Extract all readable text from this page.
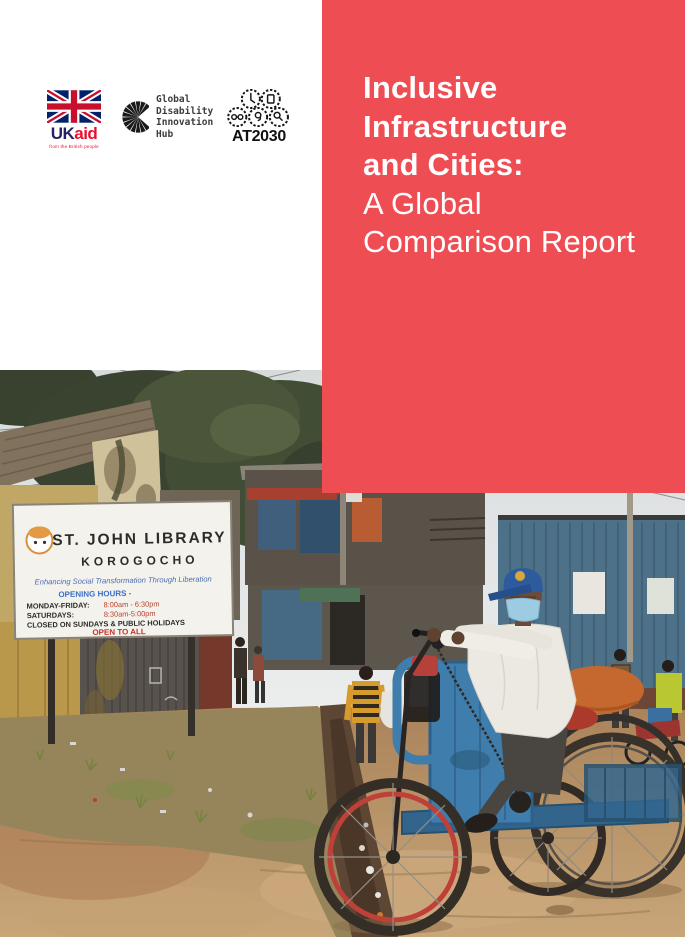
UKaid
from the British people
Global
Disability
Innovation
Hub	AT2030
Inclusive
Infrastructure
and Cities:
A Global
Comparison Report
ST. JOHN LIBRARY
KOROGOCHO
Enhancing Social Transformation Through Liberation
OPENING HOURS -
MONDAY-FRIDAY: 8:00am - 6:30pm
SATURDAYS:	8:30am-5:00pm
CLOSED ON SUNDAYS & PUBLIC HOLIDAYS
OPEN TO ALL
